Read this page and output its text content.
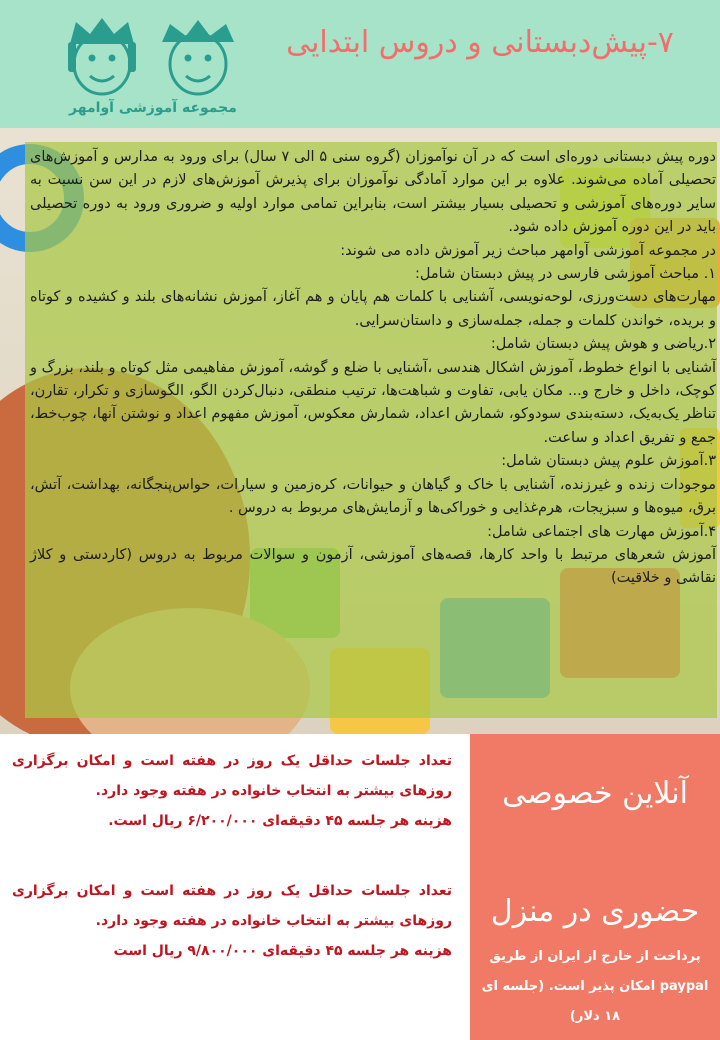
مجموعه آموزشی آوامهر
۷-پیش‌دبستانی و دروس ابتدایی

دوره پیش دبستانی دوره‌ای است که در آن نوآموزان (گروه سنی ۵ الی ۷ سال) برای ورود به مدارس و آموزش‌های تحصیلی آماده می‌شوند. علاوه بر این موارد آمادگی نوآموزان برای پذیرش آموزش‌های لازم در این سن نسبت به سایر دوره‌های آموزشی و تحصیلی بسیار بیشتر است، بنابراین تمامی موارد اولیه و ضروری ورود به دوره تحصیلی باید در این دوره آموزش داده شود.

در مجموعه آموزشی آوامهر مباحث زیر آموزش داده می شوند:

۱. مباحث آموزشی فارسی در پیش دبستان شامل:

مهارت‌های دست‌ورزی، لوحه‌نویسی، آشنایی با کلمات هم پایان و هم آغاز، آموزش نشانه‌های بلند و کشیده و کوتاه و بریده، خواندن کلمات و جمله، جمله‌سازی و داستان‌سرایی.

۲.ریاضی و هوش پیش دبستان شامل:

آشنایی با انواع خطوط، آموزش اشکال هندسی ،آشنایی با ضلع و گوشه، آموزش مفاهیمی مثل کوتاه و بلند، بزرگ و کوچک، داخل و خارج و... مکان یابی، تفاوت و شباهت‌ها، ترتیب منطقی، دنبال‌کردن الگو، الگوسازی و تکرار، تقارن، تناظر یک‌به‌یک، دسته‌بندی سودوکو، شمارش اعداد، شمارش معکوس، آموزش مفهوم اعداد و نوشتن آنها، چوب‌خط، جمع و تفریق اعداد و ساعت.

۳.آموزش علوم پیش دبستان شامل:

موجودات زنده و غیرزنده، آشنایی با خاک و گیاهان و حیوانات، کره‌زمین و سیارات، حواس‌پنجگانه، بهداشت، آتش، برق، میوه‌ها و سبزیجات، هرم‌غذایی و خوراکی‌ها و آزمایش‌های مربوط به دروس .

۴.آموزش مهارت های اجتماعی شامل:

آموزش شعرهای مرتبط با واحد کارها، قصه‌های آموزشی، آزمون و سوالات مربوط به دروس (کاردستی و کلاژ نقاشی و خلاقیت)

تعداد جلسات حداقل یک روز در هفته است و امکان برگزاری روزهای بیشتر به انتخاب خانواده در هفته وجود دارد.

هزینه هر جلسه ۴۵ دقیقه‌ای ۶/۲۰۰/۰۰۰ ریال است.

تعداد جلسات حداقل یک روز در هفته است و امکان برگزاری روزهای بیشتر به انتخاب خانواده در هفته وجود دارد.

هزینه هر جلسه ۴۵ دقیقه‌ای ۹/۸۰۰/۰۰۰ ریال است

آنلاین خصوصی
حضوری در منزل
پرداخت از خارج از ایران از طریق paypal امکان پذیر است. (جلسه ای ۱۸ دلار)
